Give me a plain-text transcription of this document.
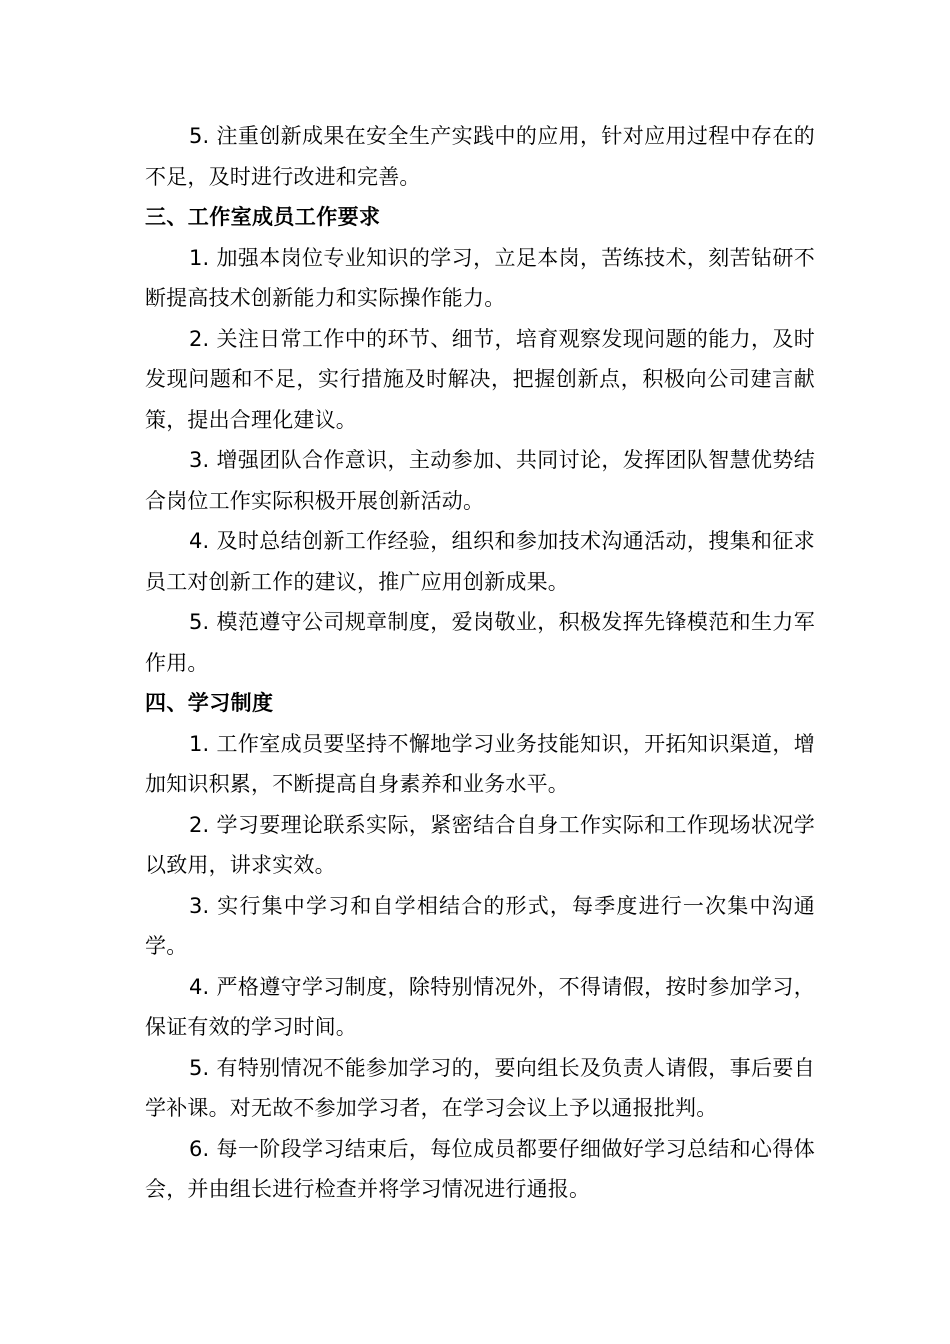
5. 注重创新成果在安全生产实践中的应用，针对应用过程中存在的不足，及时进行改进和完善。

三、工作室成员工作要求

1. 加强本岗位专业知识的学习，立足本岗，苦练技术，刻苦钻研不断提高技术创新能力和实际操作能力。

2. 关注日常工作中的环节、细节，培育观察发现问题的能力，及时发现问题和不足，实行措施及时解决，把握创新点，积极向公司建言献策，提出合理化建议。

3. 增强团队合作意识，主动参加、共同讨论，发挥团队智慧优势结合岗位工作实际积极开展创新活动。

4. 及时总结创新工作经验，组织和参加技术沟通活动，搜集和征求员工对创新工作的建议，推广应用创新成果。

5. 模范遵守公司规章制度，爱岗敬业，积极发挥先锋模范和生力军作用。

四、学习制度

1. 工作室成员要坚持不懈地学习业务技能知识，开拓知识渠道，增加知识积累，不断提高自身素养和业务水平。

2. 学习要理论联系实际，紧密结合自身工作实际和工作现场状况学以致用，讲求实效。

3. 实行集中学习和自学相结合的形式，每季度进行一次集中沟通学。

4. 严格遵守学习制度，除特别情况外，不得请假，按时参加学习，保证有效的学习时间。

5. 有特别情况不能参加学习的，要向组长及负责人请假，事后要自学补课。对无故不参加学习者，在学习会议上予以通报批判。

6. 每一阶段学习结束后，每位成员都要仔细做好学习总结和心得体会，并由组长进行检查并将学习情况进行通报。
